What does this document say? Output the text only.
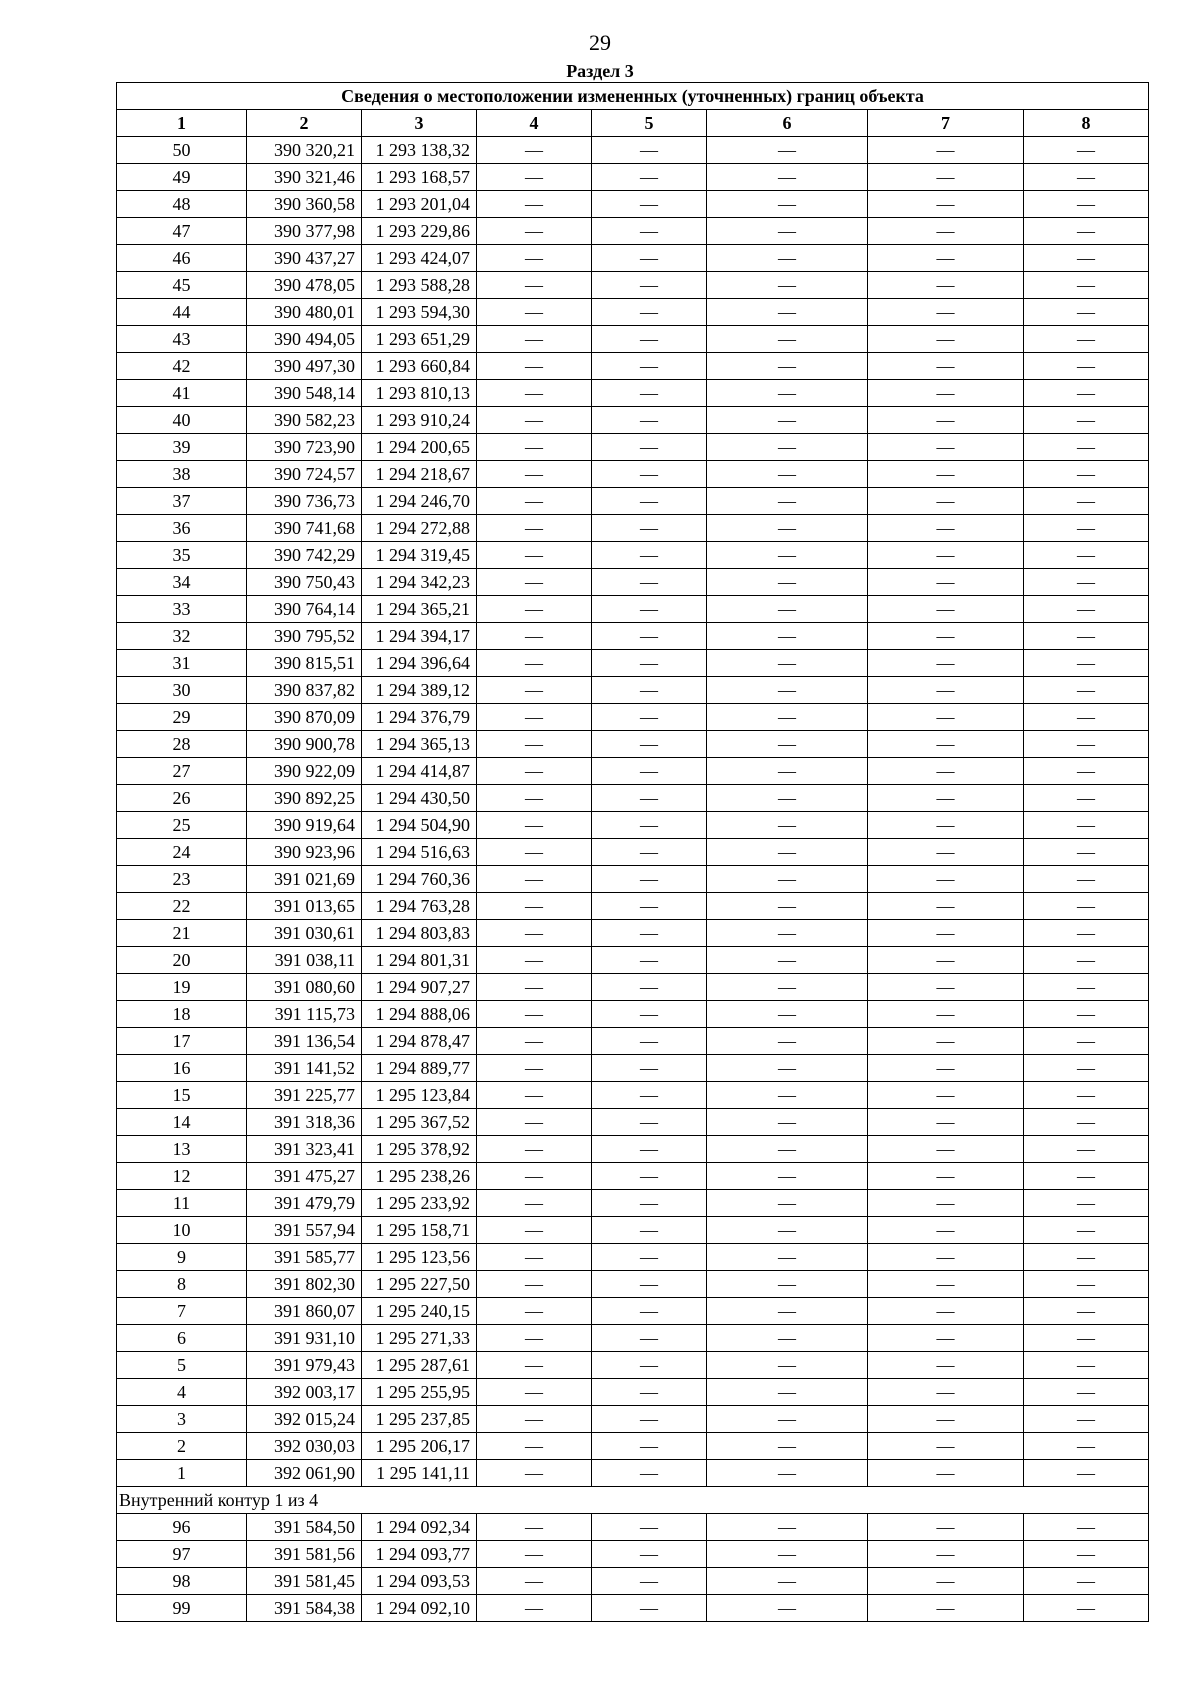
29
Раздел 3
Сведения о местоположении измененных (уточненных) границ объекта							
1	2	3	4	5	6	7	8
50	390 320,21	1 293 138,32	—	—	—	—	—
49	390 321,46	1 293 168,57	—	—	—	—	—
48	390 360,58	1 293 201,04	—	—	—	—	—
47	390 377,98	1 293 229,86	—	—	—	—	—
46	390 437,27	1 293 424,07	—	—	—	—	—
45	390 478,05	1 293 588,28	—	—	—	—	—
44	390 480,01	1 293 594,30	—	—	—	—	—
43	390 494,05	1 293 651,29	—	—	—	—	—
42	390 497,30	1 293 660,84	—	—	—	—	—
41	390 548,14	1 293 810,13	—	—	—	—	—
40	390 582,23	1 293 910,24	—	—	—	—	—
39	390 723,90	1 294 200,65	—	—	—	—	—
38	390 724,57	1 294 218,67	—	—	—	—	—
37	390 736,73	1 294 246,70	—	—	—	—	—
36	390 741,68	1 294 272,88	—	—	—	—	—
35	390 742,29	1 294 319,45	—	—	—	—	—
34	390 750,43	1 294 342,23	—	—	—	—	—
33	390 764,14	1 294 365,21	—	—	—	—	—
32	390 795,52	1 294 394,17	—	—	—	—	—
31	390 815,51	1 294 396,64	—	—	—	—	—
30	390 837,82	1 294 389,12	—	—	—	—	—
29	390 870,09	1 294 376,79	—	—	—	—	—
28	390 900,78	1 294 365,13	—	—	—	—	—
27	390 922,09	1 294 414,87	—	—	—	—	—
26	390 892,25	1 294 430,50	—	—	—	—	—
25	390 919,64	1 294 504,90	—	—	—	—	—
24	390 923,96	1 294 516,63	—	—	—	—	—
23	391 021,69	1 294 760,36	—	—	—	—	—
22	391 013,65	1 294 763,28	—	—	—	—	—
21	391 030,61	1 294 803,83	—	—	—	—	—
20	391 038,11	1 294 801,31	—	—	—	—	—
19	391 080,60	1 294 907,27	—	—	—	—	—
18	391 115,73	1 294 888,06	—	—	—	—	—
17	391 136,54	1 294 878,47	—	—	—	—	—
16	391 141,52	1 294 889,77	—	—	—	—	—
15	391 225,77	1 295 123,84	—	—	—	—	—
14	391 318,36	1 295 367,52	—	—	—	—	—
13	391 323,41	1 295 378,92	—	—	—	—	—
12	391 475,27	1 295 238,26	—	—	—	—	—
11	391 479,79	1 295 233,92	—	—	—	—	—
10	391 557,94	1 295 158,71	—	—	—	—	—
9	391 585,77	1 295 123,56	—	—	—	—	—
8	391 802,30	1 295 227,50	—	—	—	—	—
7	391 860,07	1 295 240,15	—	—	—	—	—
6	391 931,10	1 295 271,33	—	—	—	—	—
5	391 979,43	1 295 287,61	—	—	—	—	—
4	392 003,17	1 295 255,95	—	—	—	—	—
3	392 015,24	1 295 237,85	—	—	—	—	—
2	392 030,03	1 295 206,17	—	—	—	—	—
1	392 061,90	1 295 141,11	—	—	—	—	—
Внутренний контур 1 из 4							
96	391 584,50	1 294 092,34	—	—	—	—	—
97	391 581,56	1 294 093,77	—	—	—	—	—
98	391 581,45	1 294 093,53	—	—	—	—	—
99	391 584,38	1 294 092,10	—	—	—	—	—
